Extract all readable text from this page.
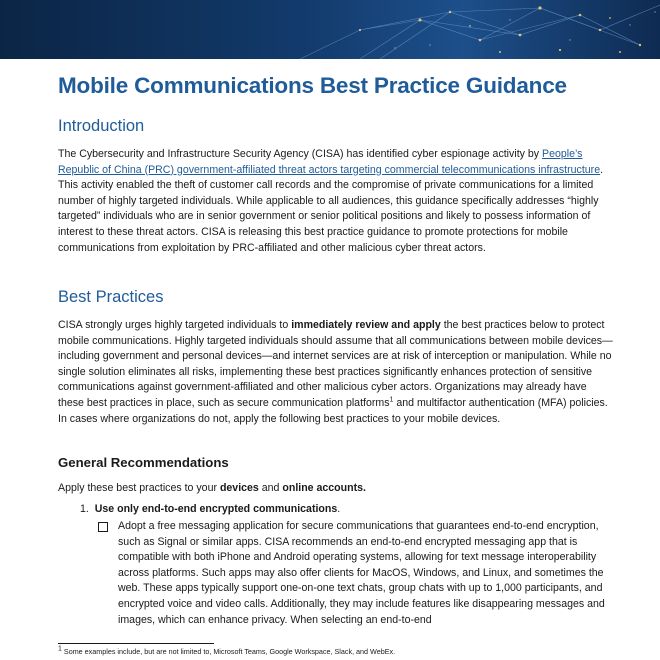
Mobile Communications Best Practice Guidance
Introduction

The Cybersecurity and Infrastructure Security Agency (CISA) has identified cyber espionage activity by People’s Republic of China (PRC) government-affiliated threat actors targeting commercial telecommunications infrastructure. This activity enabled the theft of customer call records and the compromise of private communications for a limited number of highly targeted individuals. While applicable to all audiences, this guidance specifically addresses “highly targeted” individuals who are in senior government or senior political positions and likely to possess information of interest to these threat actors. CISA is releasing this best practice guidance to promote protections for mobile communications from exploitation by PRC-affiliated and other malicious cyber threat actors.

Best Practices

CISA strongly urges highly targeted individuals to immediately review and apply the best practices below to protect mobile communications. Highly targeted individuals should assume that all communications between mobile devices—including government and personal devices—and internet services are at risk of interception or manipulation. While no single solution eliminates all risks, implementing these best practices significantly enhances protection of sensitive communications against government-affiliated and other malicious cyber actors. Organizations may already have these best practices in place, such as secure communication platforms$^1$ and multifactor authentication (MFA) policies. In cases where organizations do not, apply the following best practices to your mobile devices.

General Recommendations

Apply these best practices to your devices and online accounts.

1. Use only end-to-end encrypted communications.
Adopt a free messaging application for secure communications that guarantees end-to-end encryption, such as Signal or similar apps. CISA recommends an end-to-end encrypted messaging app that is compatible with both iPhone and Android operating systems, allowing for text message interoperability across platforms. Such apps may also offer clients for MacOS, Windows, and Linux, and sometimes the web. These apps typically support one-on-one text chats, group chats with up to 1,000 participants, and encrypted voice and video calls. Additionally, they may include features like disappearing messages and images, which can enhance privacy. When selecting an end-to-end
1 Some examples include, but are not limited to, Microsoft Teams, Google Workspace, Slack, and WebEx.
